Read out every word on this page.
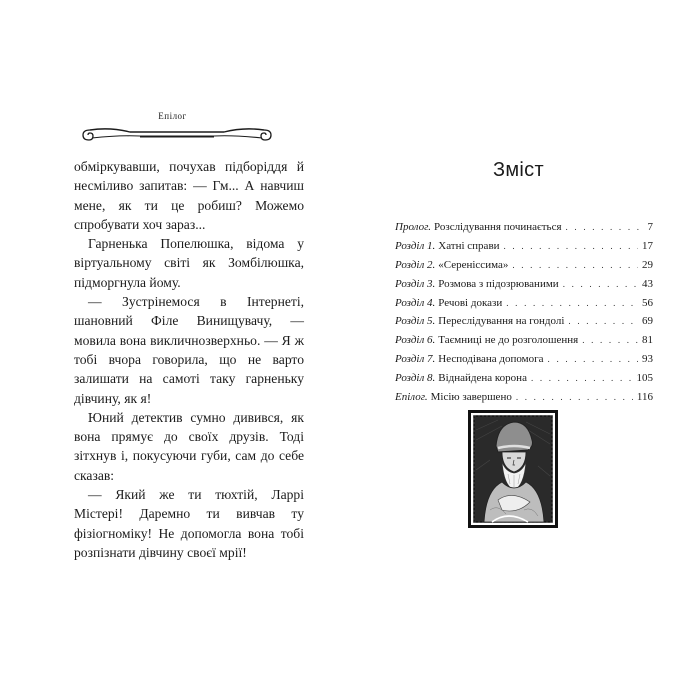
Епілог

обміркувавши, почухав підборіддя й несміливо запитав: — Гм... А навчиш мене, як ти це робиш? Можемо спробувати хоч зараз...

Гарненька Попелюшка, відома у віртуальному світі як Зомбілюшка, підморгнула йому.

— Зустрінемося в Інтернеті, шановний Філе Винищувачу, — мовила вона викличнoзверхньо. — Я ж тобі вчора говорила, що не варто залишати на самоті таку гарненьку дівчину, як я!

Юний детектив сумно дивився, як вона прямує до своїх друзів. Тоді зітхнув і, покусуючи губи, сам до себе сказав:

— Який же ти тюхтій, Ларрі Містері! Даремно ти вивчав ту фізіогноміку! Не допомогла вона тобі розпізнати дівчину своєї мрії!

Зміст
Пролог. Розслідування починається . . .	7
Розділ 1. Хатні справи . . .	17
Розділ 2. «Сереніссима» . . .	29
Розділ 3. Розмова з підозрюваними . . .	43
Розділ 4. Речові докази . . .	56
Розділ 5. Переслідування на гондолі . . .	69
Розділ 6. Таємниці не до розголошення . . .	81
Розділ 7. Несподівана допомога . . .	93
Розділ 8. Віднайдена корона . . .	105
Епілог. Місію завершено . . .	116
